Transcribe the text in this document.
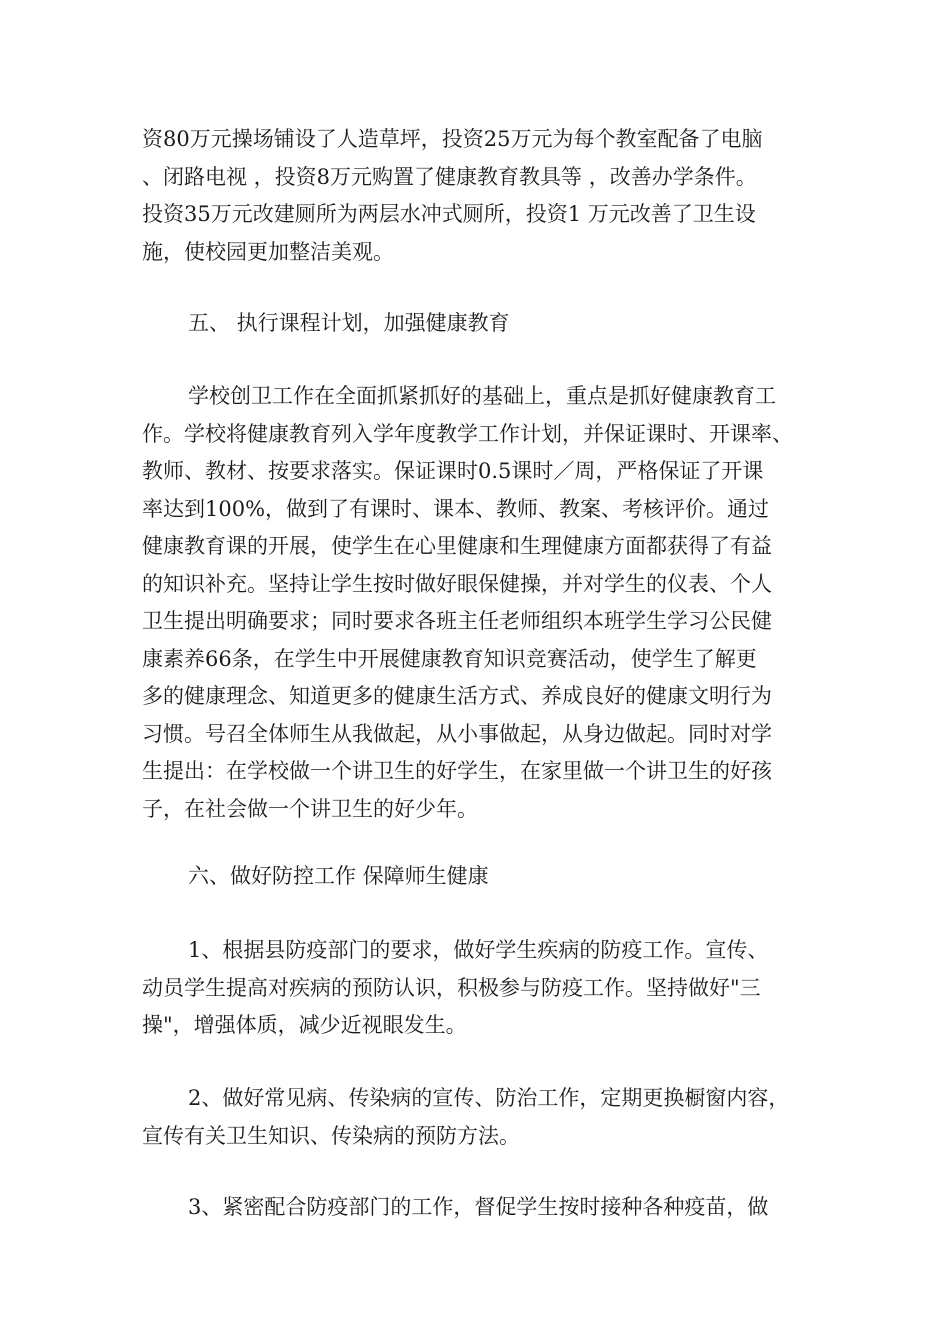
资80万元操场铺设了人造草坪，投资25万元为每个教室配备了电脑
、闭路电视 ，投资8万元购置了健康教育教具等 ，改善办学条件。
投资35万元改建厕所为两层水冲式厕所，投资1 万元改善了卫生设
施，使校园更加整洁美观。
五、 执行课程计划，加强健康教育
学校创卫工作在全面抓紧抓好的基础上，重点是抓好健康教育工
作。学校将健康教育列入学年度教学工作计划，并保证课时、开课率、
教师、教材、按要求落实。保证课时0.5课时／周，严格保证了开课
率达到100%，做到了有课时、课本、教师、教案、考核评价。通过
健康教育课的开展，使学生在心里健康和生理健康方面都获得了有益
的知识补充。坚持让学生按时做好眼保健操，并对学生的仪表、个人
卫生提出明确要求；同时要求各班主任老师组织本班学生学习公民健
康素养66条，在学生中开展健康教育知识竞赛活动，使学生了解更
多的健康理念、知道更多的健康生活方式、养成良好的健康文明行为
习惯。号召全体师生从我做起，从小事做起，从身边做起。同时对学
生提出：在学校做一个讲卫生的好学生，在家里做一个讲卫生的好孩
子，在社会做一个讲卫生的好少年。
六、做好防控工作 保障师生健康
1、根据县防疫部门的要求，做好学生疾病的防疫工作。宣传、
动员学生提高对疾病的预防认识，积极参与防疫工作。坚持做好"三
操"，增强体质，减少近视眼发生。
2、做好常见病、传染病的宣传、防治工作，定期更换橱窗内容，
宣传有关卫生知识、传染病的预防方法。
3、紧密配合防疫部门的工作，督促学生按时接种各种疫苗，做
